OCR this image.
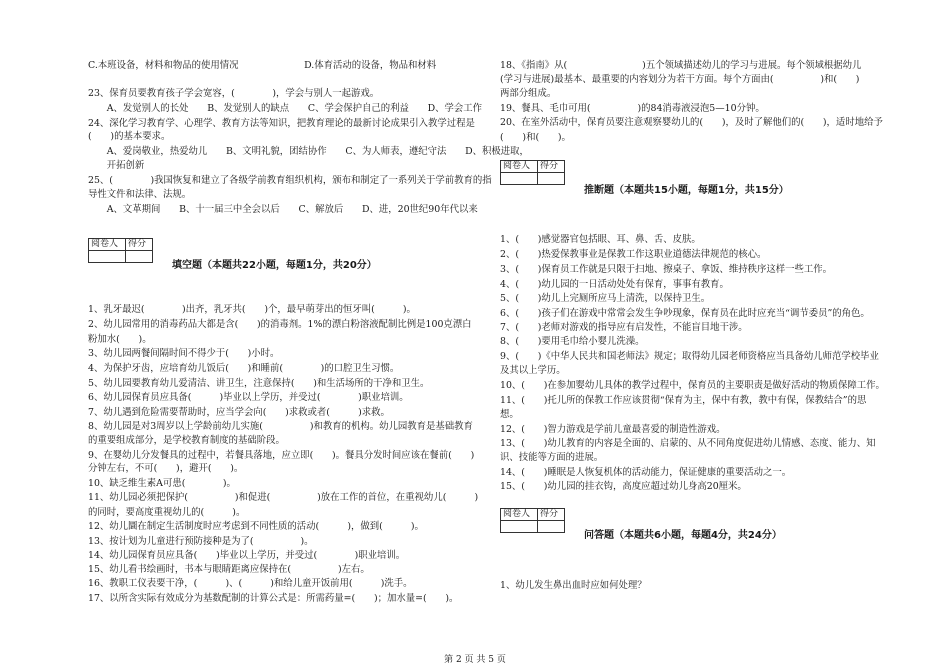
C.本班设备，材料和物品的使用情况　　　　　　　D.体育活动的设备，物品和材料
23、保育员要教育孩子学会宽容，(　　　　)，学会与别人一起游戏。
　　A、发觉别人的长处　　B、发觉别人的缺点　　C、学会保护自己的利益　　D、学会工作
24、深化学习教育学、心理学、教育方法等知识，把教育理论的最新讨论成果引入教学过程是
(　　)的基本要求。
　　A、爱岗敬业，热爱幼儿　　B、文明礼貌，团结协作　　C、为人师表，遵纪守法　　D、积极进取，
　　开拓创新
25、(　　　　)我国恢复和建立了各级学前教育组织机构，颁布和制定了一系列关于学前教育的指
导性文件和法律、法规。
　　A、文革期间　　B、十一届三中全会以后　　C、解放后　　D、进，20世纪90年代以来
阅卷人	得分

填空题（本题共22小题，每题1分，共20分）
1、乳牙最迟(　　　　)出齐，乳牙共(　　)个，最早萌芽出的恒牙叫(　　　)。
2、幼儿园常用的消毒药品大都是含(　　)的消毒剂。1%的漂白粉溶液配制比例是100克漂白
粉加水(　　)。
3、幼儿园两餐间隔时间不得少于(　　)小时。
4、为保护牙齿，应培育幼儿饭后(　　)和睡前(　　　　)的口腔卫生习惯。
5、幼儿园要教育幼儿爱清洁、讲卫生，注意保持(　　)和生活场所的干净和卫生。
6、幼儿园保育员应具备(　　　)毕业以上学历，并受过(　　　　)职业培训。
7、幼儿遇到危险需要帮助时，应当学会向(　　)求救或者(　　　)求救。
8、幼儿园是对3周岁以上学龄前幼儿实施(　　　　　)和教育的机构。幼儿园教育是基础教育
的重要组成部分，是学校教育制度的基础阶段。
9、在婴幼儿分发餐具的过程中，若餐具落地，应立即(　　)。餐具分发时间应该在餐前(　　)
分钟左右，不可(　　)，避开(　　)。
10、缺乏维生素A可患(　　　　)。
11、幼儿园必须把保护(　　　　　)和促进(　　　　　)放在工作的首位，在重视幼儿(　　　)
的同时，要高度重视幼儿的(　　　)。
12、幼儿圜在制定生活制度时应考虑到不同性质的活动(　　　)，做到(　　　)。
13、按计划为儿童进行预防接种是为了(　　　　　)。
14、幼儿园保育员应具备(　　)毕业以上学历，并受过(　　　　)职业培训。
15、幼儿看书绘画时，书本与眼睛距离应保持在(　　　　　)左右。
16、教职工仪表要干净，(　　　)、(　　　)和给儿童开饭前用(　　　)洗手。
17、以所含实际有效成分为基数配制的计算公式是：所需药量=(　　)；加水量=(　　)。
18、《指南》从(　　　　　　　　)五个领域描述幼儿的学习与进展。每个领域根据幼儿
(学习与进展)最基本、最重要的内容划分为若干方面。每个方面由(　　　　　)和(　　)
两部分组成。
19、餐具、毛巾可用(　　　　　)的84消毒液浸泡5—10分钟。
20、在室外活动中，保育员要注意观察婴幼儿的(　　)，及时了解他们的(　　)，适时地给予
(　　)和(　　)。
阅卷人	得分

推断题（本题共15小题，每题1分，共15分）
1、(　　)感觉器官包括眼、耳、鼻、舌、皮肤。
2、(　　)热爱保教事业是保教工作这职业道德法律规范的核心。
3、(　　)保育员工作就是只限于扫地、擦桌子、拿饭、维持秩序这样一些工作。
4、(　　)幼儿园的一日活动处处有保育，事事有教育。
5、(　　)幼儿上完厕所应马上清洗，以保持卫生。
6、(　　)孩子们在游戏中常常会发生争吵现象，保育员在此时应充当“调节委员”的角色。
7、(　　)老师对游戏的指导应有启发性，不能盲目地干涉。
8、(　　)要用毛巾给小婴儿洗澡。
9、(　　)《中华人民共和国老师法》规定；取得幼儿园老师资格应当具备幼儿师范学校毕业
及其以上学历。
10、(　　)在参加婴幼儿具体的教学过程中，保育员的主要职责是做好活动的物质保障工作。
11、(　　)托儿所的保教工作应该贯彻“保育为主，保中有教，教中有保，保教结合”的思
想。
12、(　　)智力游戏是学前儿童最喜爱的制造性游戏。
13、(　　)幼儿教育的内容是全面的、启蒙的、从不同角度促进幼儿情感、态度、能力、知
识、技能等方面的进展。
14、(　　)睡眠是人恢复机体的活动能力，保证健康的重要活动之一。
15、(　　)幼儿园的挂衣钩，高度应超过幼儿身高20厘米。
阅卷人	得分

问答题（本题共6小题，每题4分，共24分）
1、幼儿发生鼻出血时应如何处理？
第 2 页 共 5 页
